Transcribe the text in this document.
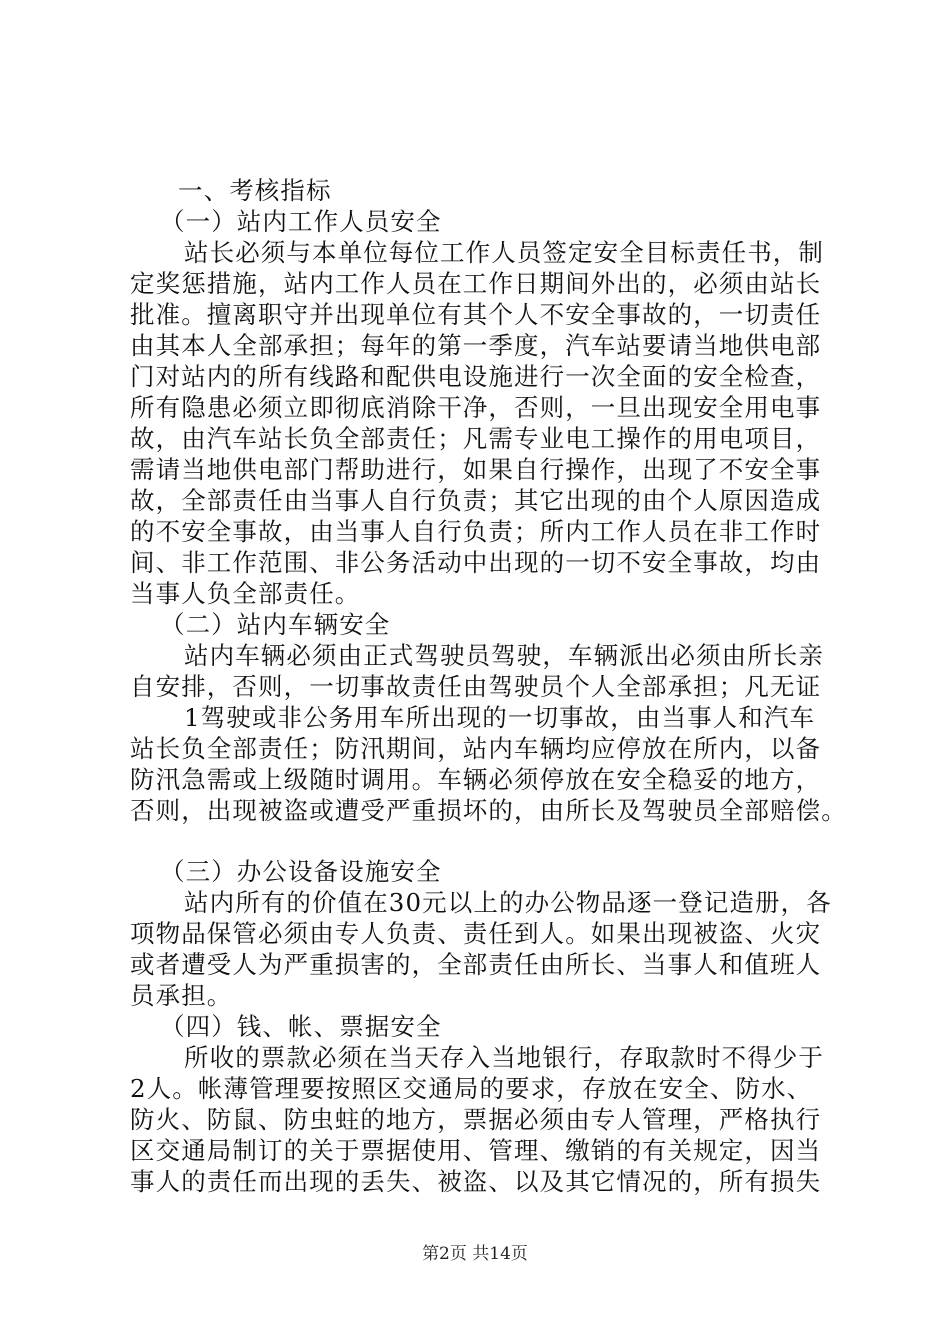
一、考核指标
（一）站内工作人员安全
站长必须与本单位每位工作人员签定安全目标责任书，制
定奖惩措施，站内工作人员在工作日期间外出的，必须由站长
批准。擅离职守并出现单位有其个人不安全事故的，一切责任
由其本人全部承担；每年的第一季度，汽车站要请当地供电部
门对站内的所有线路和配供电设施进行一次全面的安全检查，
所有隐患必须立即彻底消除干净，否则，一旦出现安全用电事
故，由汽车站长负全部责任；凡需专业电工操作的用电项目，
需请当地供电部门帮助进行，如果自行操作，出现了不安全事
故，全部责任由当事人自行负责；其它出现的由个人原因造成
的不安全事故，由当事人自行负责；所内工作人员在非工作时
间、非工作范围、非公务活动中出现的一切不安全事故，均由
当事人负全部责任。
（二）站内车辆安全
站内车辆必须由正式驾驶员驾驶，车辆派出必须由所长亲
自安排，否则，一切事故责任由驾驶员个人全部承担；凡无证
1驾驶或非公务用车所出现的一切事故，由当事人和汽车
站长负全部责任；防汛期间，站内车辆均应停放在所内，以备
防汛急需或上级随时调用。车辆必须停放在安全稳妥的地方，
否则，出现被盗或遭受严重损坏的，由所长及驾驶员全部赔偿。
（三）办公设备设施安全
站内所有的价值在30元以上的办公物品逐一登记造册，各
项物品保管必须由专人负责、责任到人。如果出现被盗、火灾
或者遭受人为严重损害的，全部责任由所长、当事人和值班人
员承担。
（四）钱、帐、票据安全
所收的票款必须在当天存入当地银行，存取款时不得少于
2人。帐薄管理要按照区交通局的要求，存放在安全、防水、
防火、防鼠、防虫蛀的地方，票据必须由专人管理，严格执行
区交通局制订的关于票据使用、管理、缴销的有关规定，因当
事人的责任而出现的丢失、被盗、以及其它情况的，所有损失
第2页 共14页
